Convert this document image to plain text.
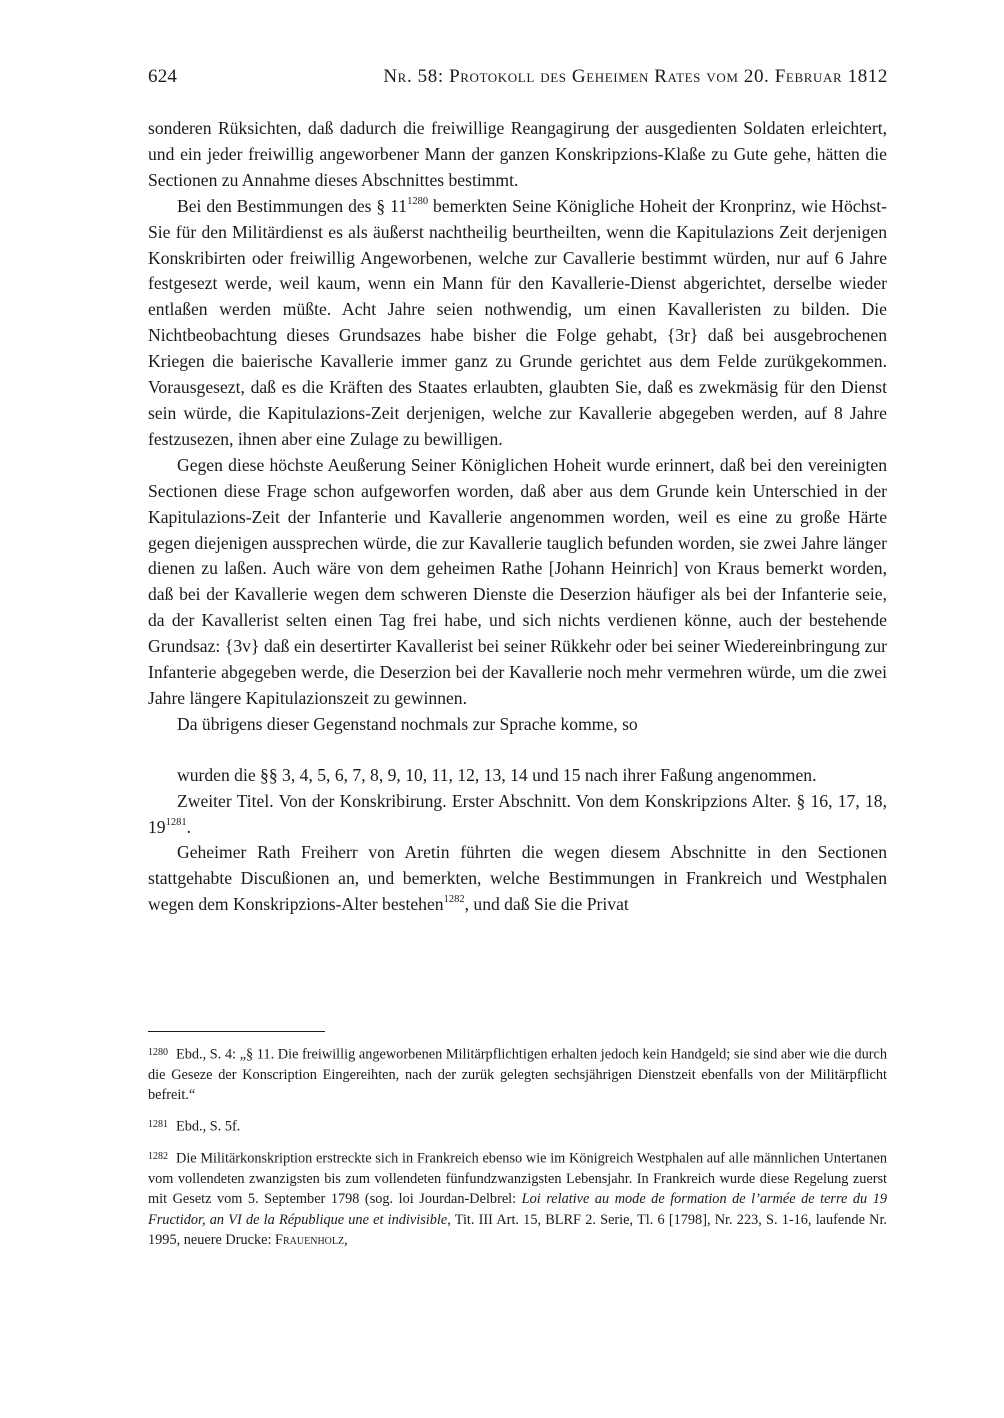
624	Nr. 58: Protokoll des Geheimen Rates vom 20. Februar 1812

sonderen Rüksichten, daß dadurch die freiwillige Reangagirung der ausgedienten Soldaten erleichtert, und ein jeder freiwillig angeworbener Mann der ganzen Konskripzions-Klaße zu Gute gehe, hätten die Sectionen zu Annahme dieses Abschnittes bestimmt.

Bei den Bestimmungen des § 11$^{1280}$ bemerkten Seine Königliche Hoheit der Kronprinz, wie Höchst-Sie für den Militärdienst es als äußerst nachtheilig beurtheilten, wenn die Kapitulazions Zeit derjenigen Konskribirten oder freiwillig Angeworbenen, welche zur Cavallerie bestimmt würden, nur auf 6 Jahre festgesezt werde, weil kaum, wenn ein Mann für den Kavallerie-Dienst abgerichtet, derselbe wieder entlaßen werden müßte. Acht Jahre seien nothwendig, um einen Kavalleristen zu bilden. Die Nichtbeobachtung dieses Grundsazes habe bisher die Folge gehabt, {3r} daß bei ausgebrochenen Kriegen die baierische Kavallerie immer ganz zu Grunde gerichtet aus dem Felde zurükgekommen. Vorausgesezt, daß es die Kräften des Staates erlaubten, glaubten Sie, daß es zwekmäsig für den Dienst sein würde, die Kapitulazions-Zeit derjenigen, welche zur Kavallerie abgegeben werden, auf 8 Jahre festzusezen, ihnen aber eine Zulage zu bewilligen.

Gegen diese höchste Aeußerung Seiner Königlichen Hoheit wurde erinnert, daß bei den vereinigten Sectionen diese Frage schon aufgeworfen worden, daß aber aus dem Grunde kein Unterschied in der Kapitulazions-Zeit der Infanterie und Kavallerie angenommen worden, weil es eine zu große Härte gegen diejenigen aussprechen würde, die zur Kavallerie tauglich befunden worden, sie zwei Jahre länger dienen zu laßen. Auch wäre von dem geheimen Rathe [Johann Heinrich] von Kraus bemerkt worden, daß bei der Kavallerie wegen dem schweren Dienste die Deserzion häufiger als bei der Infanterie seie, da der Kavallerist selten einen Tag frei habe, und sich nichts verdienen könne, auch der bestehende Grundsaz: {3v} daß ein desertirter Kavallerist bei seiner Rükkehr oder bei seiner Wiedereinbringung zur Infanterie abgegeben werde, die Deserzion bei der Kavallerie noch mehr vermehren würde, um die zwei Jahre längere Kapitulazionszeit zu gewinnen.

Da übrigens dieser Gegenstand nochmals zur Sprache komme, so

wurden die §§ 3, 4, 5, 6, 7, 8, 9, 10, 11, 12, 13, 14 und 15 nach ihrer Faßung angenommen.

Zweiter Titel. Von der Konskribirung. Erster Abschnitt. Von dem Konskripzions Alter. § 16, 17, 18, 19$^{1281}$.

Geheimer Rath Freiherr von Aretin führten die wegen diesem Abschnitte in den Sectionen stattgehabte Discußionen an, und bemerkten, welche Bestimmungen in Frankreich und Westphalen wegen dem Konskripzions-Alter bestehen$^{1282}$, und daß Sie die Privat

$^{1280}$ Ebd., S. 4: „§ 11. Die freiwillig angeworbenen Militärpflichtigen erhalten jedoch kein Handgeld; sie sind aber wie die durch die Geseze der Konscription Eingereihten, nach der zurük gelegten sechsjährigen Dienstzeit ebenfalls von der Militärpflicht befreit.“

$^{1281}$ Ebd., S. 5f.

$^{1282}$ Die Militärkonskription erstreckte sich in Frankreich ebenso wie im Königreich Westphalen auf alle männlichen Untertanen vom vollendeten zwanzigsten bis zum vollendeten fünfundzwanzigsten Lebensjahr. In Frankreich wurde diese Regelung zuerst mit Gesetz vom 5. September 1798 (sog. loi Jourdan-Delbrel: Loi relative au mode de formation de l’armée de terre du 19 Fructidor, an VI de la République une et indivisible, Tit. III Art. 15, BLRF 2. Serie, Tl. 6 [1798], Nr. 223, S. 1-16, laufende Nr. 1995, neuere Drucke: Frauenholz,
